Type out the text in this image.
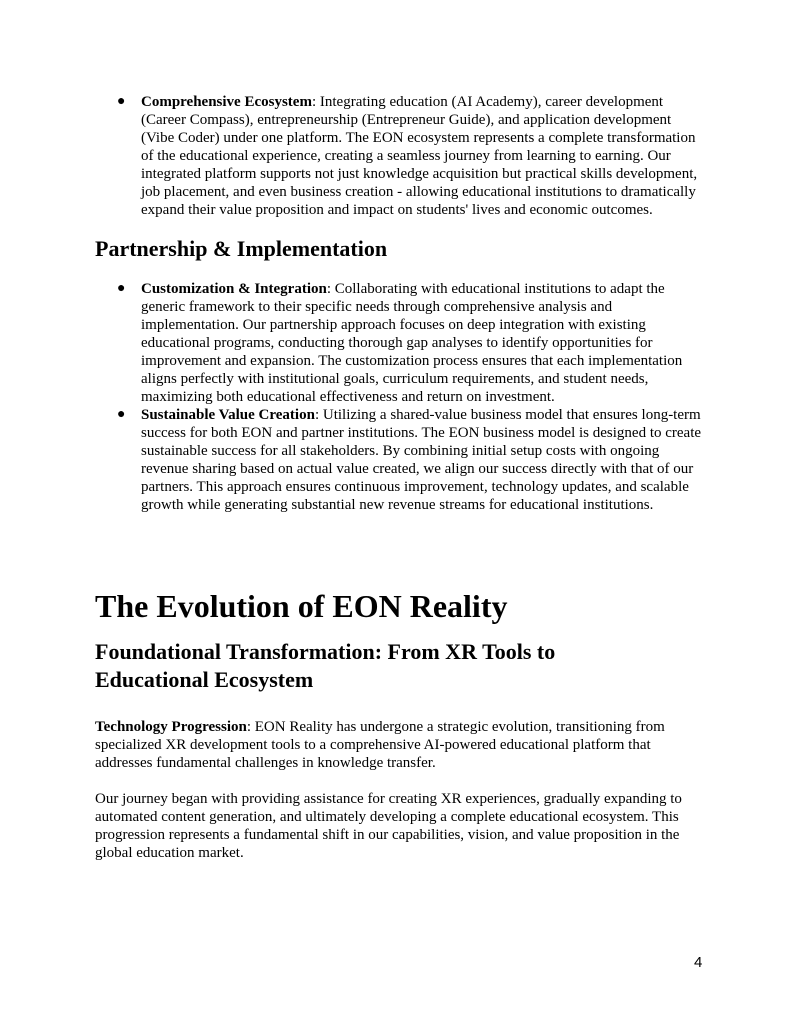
● Comprehensive Ecosystem: Integrating education (AI Academy), career development (Career Compass), entrepreneurship (Entrepreneur Guide), and application development (Vibe Coder) under one platform. The EON ecosystem represents a complete transformation of the educational experience, creating a seamless journey from learning to earning. Our integrated platform supports not just knowledge acquisition but practical skills development, job placement, and even business creation - allowing educational institutions to dramatically expand their value proposition and impact on students' lives and economic outcomes.
Partnership & Implementation
● Customization & Integration: Collaborating with educational institutions to adapt the generic framework to their specific needs through comprehensive analysis and implementation. Our partnership approach focuses on deep integration with existing educational programs, conducting thorough gap analyses to identify opportunities for improvement and expansion. The customization process ensures that each implementation aligns perfectly with institutional goals, curriculum requirements, and student needs, maximizing both educational effectiveness and return on investment.
● Sustainable Value Creation: Utilizing a shared-value business model that ensures long-term success for both EON and partner institutions. The EON business model is designed to create sustainable success for all stakeholders. By combining initial setup costs with ongoing revenue sharing based on actual value created, we align our success directly with that of our partners. This approach ensures continuous improvement, technology updates, and scalable growth while generating substantial new revenue streams for educational institutions.
The Evolution of EON Reality
Foundational Transformation: From XR Tools to Educational Ecosystem

Technology Progression: EON Reality has undergone a strategic evolution, transitioning from specialized XR development tools to a comprehensive AI-powered educational platform that addresses fundamental challenges in knowledge transfer.

Our journey began with providing assistance for creating XR experiences, gradually expanding to automated content generation, and ultimately developing a complete educational ecosystem. This progression represents a fundamental shift in our capabilities, vision, and value proposition in the global education market.

4
